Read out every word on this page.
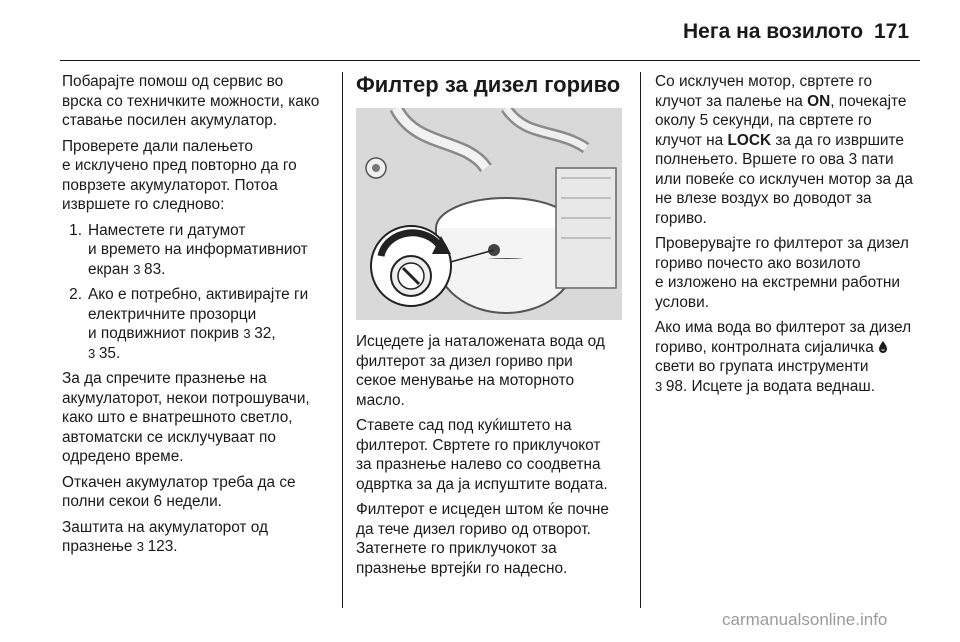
Нега на возилото 171
Побарајте помош од сервис во
врска со техничките можности, како
ставање посилен акумулатор.
Проверете дали палењето
е исклучено пред повторно да го
поврзете акумулаторот. Потоа
извршете го следново:
1. Наместете ги датумот
и времето на информативниот
екран 3 83.
2. Ако е потребно, активирајте ги
електричните прозорци
и подвижниот покрив 3 32,
3 35.
За да спречите празнење на
акумулаторот, некои потрошувачи,
како што е внатрешното светло,
автоматски се исклучуваат по
одредено време.
Откачен акумулатор треба да се
полни секои 6 недели.
Заштита на акумулаторот од
празнење 3 123.
Филтер за дизел гориво
Исцедете ја наталожената вода од
филтерот за дизел гориво при
секое менување на моторното
масло.
Ставете сад под куќиштето на
филтерот. Свртете го приклучокот
за празнење налево со соодветна
одвртка за да ја испуштите водата.
Филтерот е исцеден штом ќе почне
да тече дизел гориво од отворот.
Затегнете го приклучокот за
празнење вртејќи го надесно.
Со исклучен мотор, свртете го
клучот за палење на ON, почекајте
околу 5 секунди, па свртете го
клучот на LOCK за да го извршите
полнењето. Вршете го ова 3 пати
или повеќе со исклучен мотор за да
не влезе воздух во доводот за
гориво.
Проверувајте го филтерот за дизел
гориво почесто ако возилото
е изложено на екстремни работни
услови.
Ако има вода во филтерот за дизел
гориво, контролната сијаличка
свети во групата инструменти
3 98. Исцете ја водата веднаш.
carmanualsonline.info
